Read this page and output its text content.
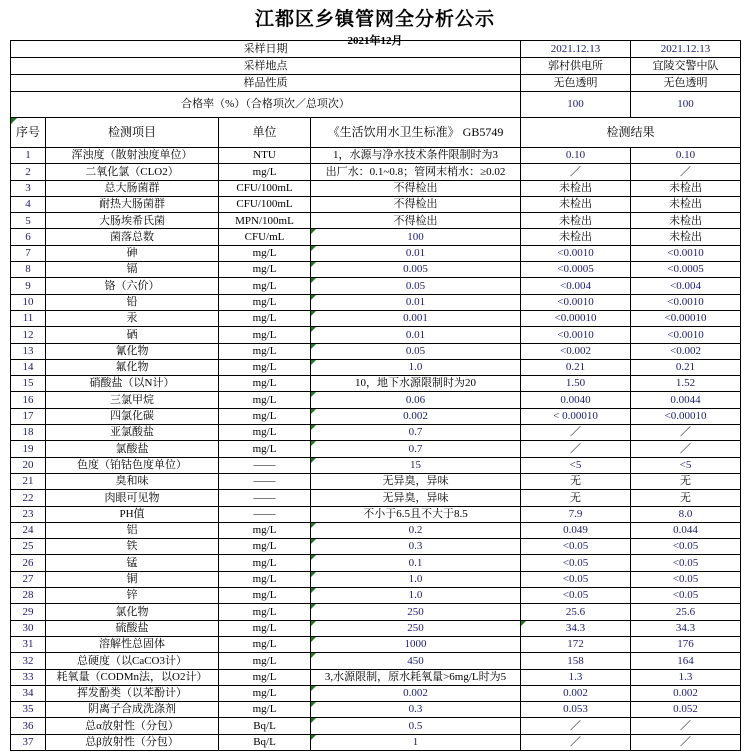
江都区乡镇管网全分析公示
2021年12月
采样日期				2021.12.13	2021.12.13
采样地点				郭村供电所	宜陵交警中队
样品性质				无色透明	无色透明
合格率（%）（合格项次／总项次）				100	100
序号	检测项目	单位	《生活饮用水卫生标准》 GB5749	检测结果	
1	浑浊度（散射浊度单位）	NTU	1，水源与净水技术条件限制时为3	0.10	0.10
2	二氧化氯（CLO2）	mg/L	出厂水：0.1~0.8；管网末梢水：≥0.02	／	／
3	总大肠菌群	CFU/100mL	不得检出	未检出	未检出
4	耐热大肠菌群	CFU/100mL	不得检出	未检出	未检出
5	大肠埃希氏菌	MPN/100mL	不得检出	未检出	未检出
6	菌落总数	CFU/mL	100	未检出	未检出
7	砷	mg/L	0.01	<0.0010	<0.0010
8	镉	mg/L	0.005	<0.0005	<0.0005
9	铬（六价）	mg/L	0.05	<0.004	<0.004
10	铅	mg/L	0.01	<0.0010	<0.0010
11	汞	mg/L	0.001	<0.00010	<0.00010
12	硒	mg/L	0.01	<0.0010	<0.0010
13	氰化物	mg/L	0.05	<0.002	<0.002
14	氟化物	mg/L	1.0	0.21	0.21
15	硝酸盐（以N计）	mg/L	10，地下水源限制时为20	1.50	1.52
16	三氯甲烷	mg/L	0.06	0.0040	0.0044
17	四氯化碳	mg/L	0.002	< 0.00010	<0.00010
18	亚氯酸盐	mg/L	0.7	／	／
19	氯酸盐	mg/L	0.7	／	／
20	色度（铂钴色度单位）	——	15	<5	<5
21	臭和味	——	无异臭，异味	无	无
22	肉眼可见物	——	无异臭，异味	无	无
23	PH值	——	不小于6.5且不大于8.5	7.9	8.0
24	铝	mg/L	0.2	0.049	0.044
25	铁	mg/L	0.3	<0.05	<0.05
26	锰	mg/L	0.1	<0.05	<0.05
27	铜	mg/L	1.0	<0.05	<0.05
28	锌	mg/L	1.0	<0.05	<0.05
29	氯化物	mg/L	250	25.6	25.6
30	硫酸盐	mg/L	250	34.3	34.3
31	溶解性总固体	mg/L	1000	172	176
32	总硬度（以CaCO3计）	mg/L	450	158	164
33	耗氧量（CODMn法，以O2计）	mg/L	3,水源限制，原水耗氧量>6mg/L时为5	1.3	1.3
34	挥发酚类（以苯酚计）	mg/L	0.002	0.002	0.002
35	阴离子合成洗涤剂	mg/L	0.3	0.053	0.052
36	总α放射性（分包）	Bq/L	0.5	／	／
37	总β放射性（分包）	Bq/L	1	／	／
